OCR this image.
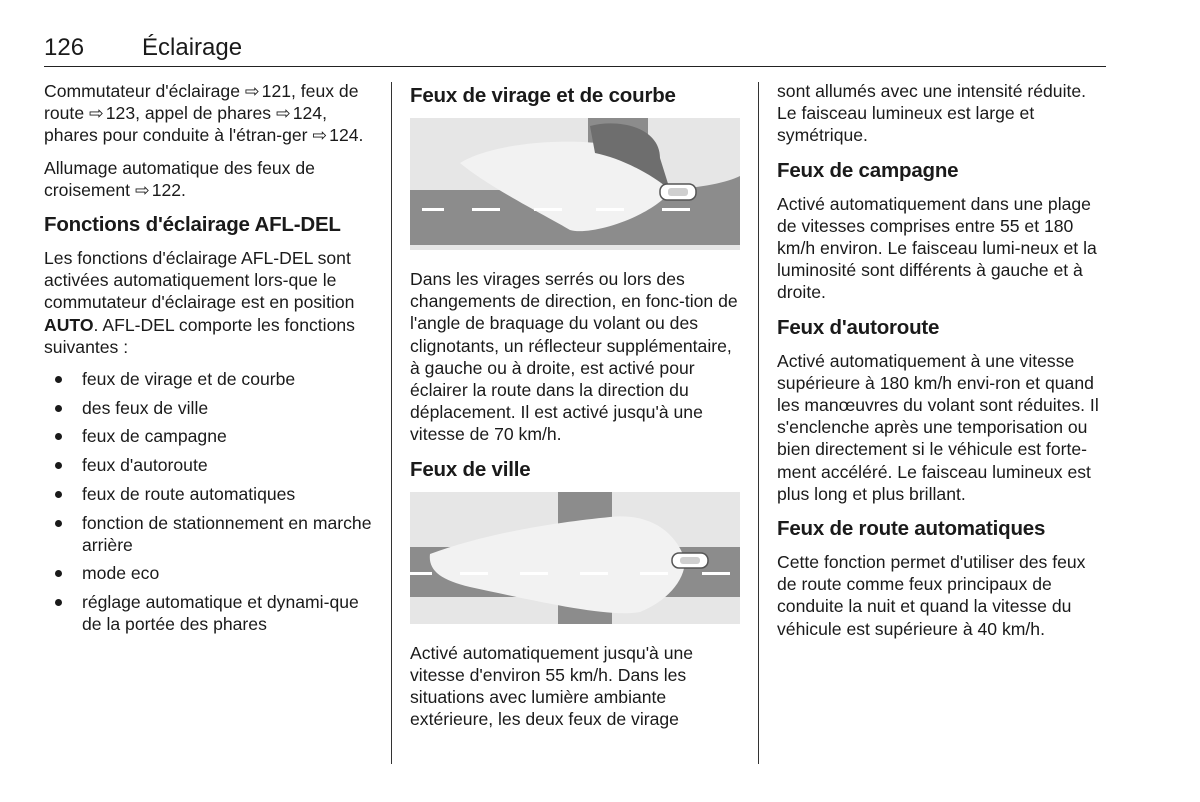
126 Éclairage

Commutateur d'éclairage ⇨ 121, feux de route ⇨ 123, appel de phares ⇨ 124, phares pour conduite à l'étran-ger ⇨ 124.

Allumage automatique des feux de croisement ⇨ 122.

Fonctions d'éclairage AFL-DEL

Les fonctions d'éclairage AFL-DEL sont activées automatiquement lors-que le commutateur d'éclairage est en position AUTO. AFL-DEL comporte les fonctions suivantes :

feux de virage et de courbe
des feux de ville
feux de campagne
feux d'autoroute
feux de route automatiques
fonction de stationnement en marche arrière
mode eco
réglage automatique et dynami-que de la portée des phares
Feux de virage et de courbe

Dans les virages serrés ou lors des changements de direction, en fonc-tion de l'angle de braquage du volant ou des clignotants, un réflecteur supplémentaire, à gauche ou à droite, est activé pour éclairer la route dans la direction du déplacement. Il est activé jusqu'à une vitesse de 70 km/h.

Feux de ville

Activé automatiquement jusqu'à une vitesse d'environ 55 km/h. Dans les situations avec lumière ambiante extérieure, les deux feux de virage

sont allumés avec une intensité réduite. Le faisceau lumineux est large et symétrique.

Feux de campagne

Activé automatiquement dans une plage de vitesses comprises entre 55 et 180 km/h environ. Le faisceau lumi-neux et la luminosité sont différents à gauche et à droite.

Feux d'autoroute

Activé automatiquement à une vitesse supérieure à 180 km/h envi-ron et quand les manœuvres du volant sont réduites. Il s'enclenche après une temporisation ou bien directement si le véhicule est forte-ment accéléré. Le faisceau lumineux est plus long et plus brillant.

Feux de route automatiques

Cette fonction permet d'utiliser des feux de route comme feux principaux de conduite la nuit et quand la vitesse du véhicule est supérieure à 40 km/h.
